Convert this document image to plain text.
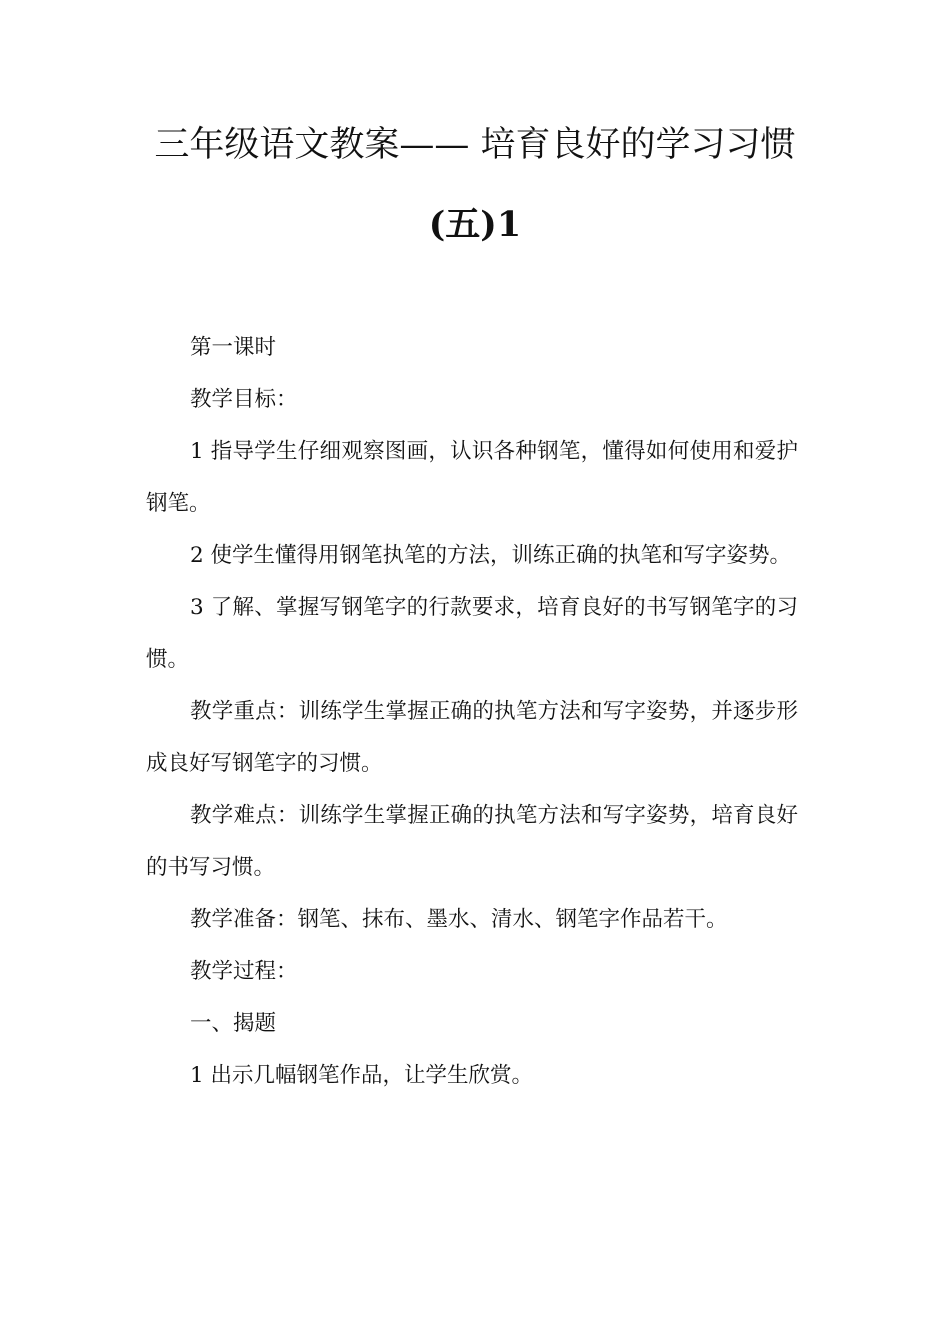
三年级语文教案—— 培育良好的学习习惯
(五)1

第一课时

教学目标：

1 指导学生仔细观察图画，认识各种钢笔，懂得如何使用和爱护钢笔。

2 使学生懂得用钢笔执笔的方法，训练正确的执笔和写字姿势。

3 了解、掌握写钢笔字的行款要求，培育良好的书写钢笔字的习惯。

教学重点：训练学生掌握正确的执笔方法和写字姿势，并逐步形成良好写钢笔字的习惯。

教学难点：训练学生掌握正确的执笔方法和写字姿势，培育良好的书写习惯。

教学准备：钢笔、抹布、墨水、清水、钢笔字作品若干。

教学过程：

一、揭题

1 出示几幅钢笔作品，让学生欣赏。
